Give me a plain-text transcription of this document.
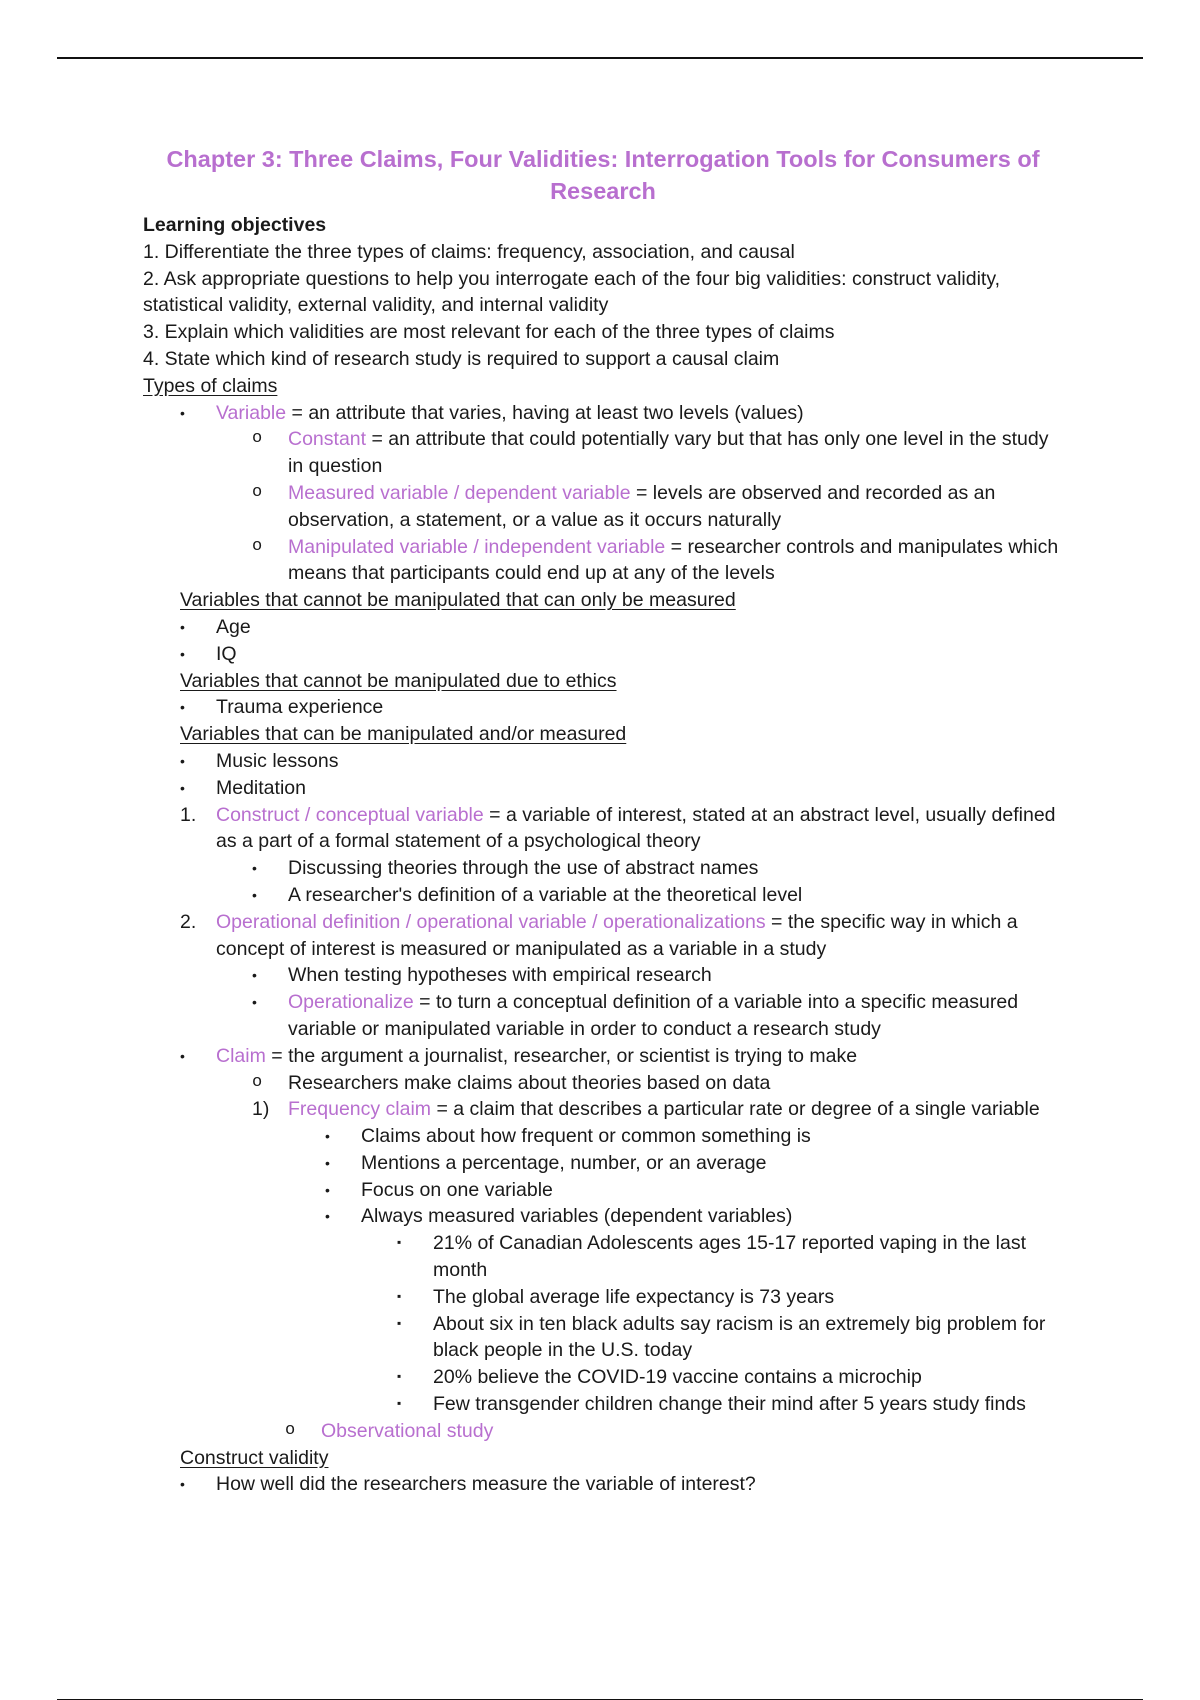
Chapter 3: Three Claims, Four Validities: Interrogation Tools for Consumers of Research
Learning objectives
1. Differentiate the three types of claims: frequency, association, and causal
2. Ask appropriate questions to help you interrogate each of the four big validities: construct validity,
statistical validity, external validity, and internal validity
3. Explain which validities are most relevant for each of the three types of claims
4. State which kind of research study is required to support a causal claim
Types of claims
• Variable = an attribute that varies, having at least two levels (values)
o Constant = an attribute that could potentially vary but that has only one level in the study in question
o Measured variable / dependent variable = levels are observed and recorded as an observation, a statement, or a value as it occurs naturally
o Manipulated variable / independent variable = researcher controls and manipulates which means that participants could end up at any of the levels
Variables that cannot be manipulated that can only be measured
• Age
• IQ
Variables that cannot be manipulated due to ethics
• Trauma experience
Variables that can be manipulated and/or measured
• Music lessons
• Meditation
1. Construct / conceptual variable = a variable of interest, stated at an abstract level, usually defined as a part of a formal statement of a psychological theory
• Discussing theories through the use of abstract names
• A researcher's definition of a variable at the theoretical level
2. Operational definition / operational variable / operationalizations = the specific way in which a concept of interest is measured or manipulated as a variable in a study
• When testing hypotheses with empirical research
• Operationalize = to turn a conceptual definition of a variable into a specific measured variable or manipulated variable in order to conduct a research study
• Claim = the argument a journalist, researcher, or scientist is trying to make
o Researchers make claims about theories based on data
1) Frequency claim = a claim that describes a particular rate or degree of a single variable
• Claims about how frequent or common something is
• Mentions a percentage, number, or an average
• Focus on one variable
• Always measured variables (dependent variables)
▪ 21% of Canadian Adolescents ages 15-17 reported vaping in the last month
▪ The global average life expectancy is 73 years
▪ About six in ten black adults say racism is an extremely big problem for black people in the U.S. today
▪ 20% believe the COVID-19 vaccine contains a microchip
▪ Few transgender children change their mind after 5 years study finds
o Observational study
Construct validity
• How well did the researchers measure the variable of interest?
